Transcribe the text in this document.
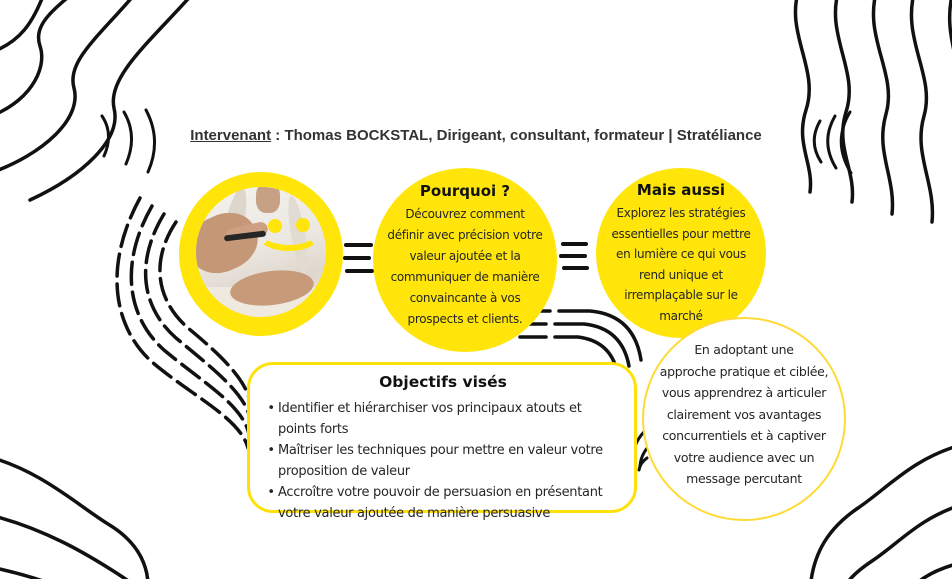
Intervenant : Thomas BOCKSTAL, Dirigeant, consultant, formateur | Stratéliance
Pourquoi ?
Découvrez comment
définir avec précision votre
valeur ajoutée et la
communiquer de manière
convaincante à vos
prospects et clients.
Mais aussi
Explorez les stratégies
essentielles pour mettre
en lumière ce qui vous
rend unique et
irremplaçable sur le
marché
En adoptant une
approche pratique et ciblée,
vous apprendrez à articuler
clairement vos avantages
concurrentiels et à captiver
votre audience avec un
message percutant
Objectifs visés
• Identifier et hiérarchiser vos principaux atouts et points forts
• Maîtriser les techniques pour mettre en valeur votre proposition de valeur
• Accroître votre pouvoir de persuasion en présentant votre valeur ajoutée de manière persuasive
